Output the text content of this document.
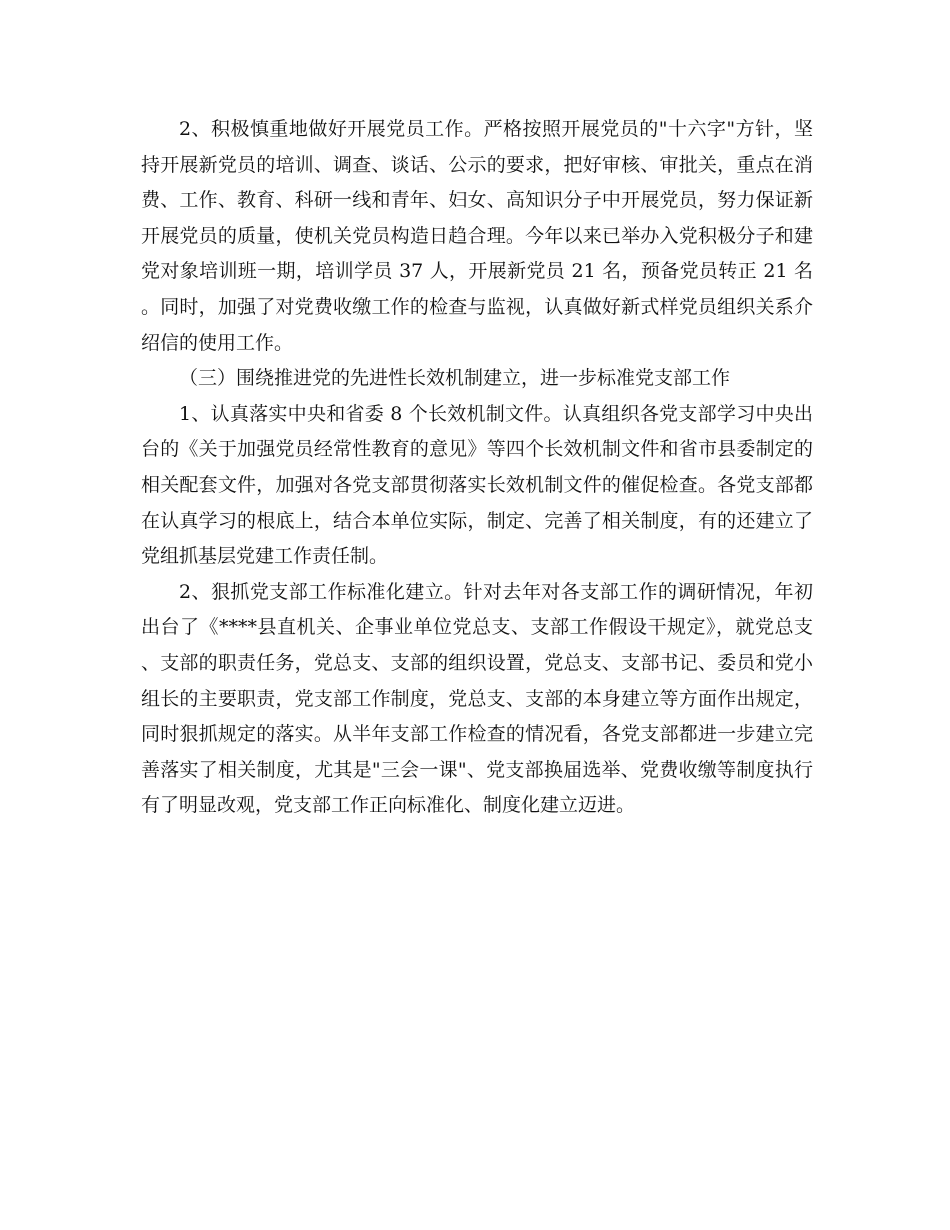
2、积极慎重地做好开展党员工作。严格按照开展党员的"十六字"方针，坚持开展新党员的培训、调查、谈话、公示的要求，把好审核、审批关，重点在消费、工作、教育、科研一线和青年、妇女、高知识分子中开展党员，努力保证新开展党员的质量，使机关党员构造日趋合理。今年以来已举办入党积极分子和建党对象培训班一期，培训学员 37 人，开展新党员 21 名，预备党员转正 21 名。同时，加强了对党费收缴工作的检查与监视，认真做好新式样党员组织关系介绍信的使用工作。

（三）围绕推进党的先进性长效机制建立，进一步标准党支部工作

1、认真落实中央和省委 8 个长效机制文件。认真组织各党支部学习中央出台的《关于加强党员经常性教育的意见》等四个长效机制文件和省市县委制定的相关配套文件，加强对各党支部贯彻落实长效机制文件的催促检查。各党支部都在认真学习的根底上，结合本单位实际，制定、完善了相关制度，有的还建立了党组抓基层党建工作责任制。

2、狠抓党支部工作标准化建立。针对去年对各支部工作的调研情况，年初出台了《****县直机关、企事业单位党总支、支部工作假设干规定》，就党总支、支部的职责任务，党总支、支部的组织设置，党总支、支部书记、委员和党小组长的主要职责，党支部工作制度，党总支、支部的本身建立等方面作出规定，同时狠抓规定的落实。从半年支部工作检查的情况看，各党支部都进一步建立完善落实了相关制度，尤其是"三会一课"、党支部换届选举、党费收缴等制度执行有了明显改观，党支部工作正向标准化、制度化建立迈进。
